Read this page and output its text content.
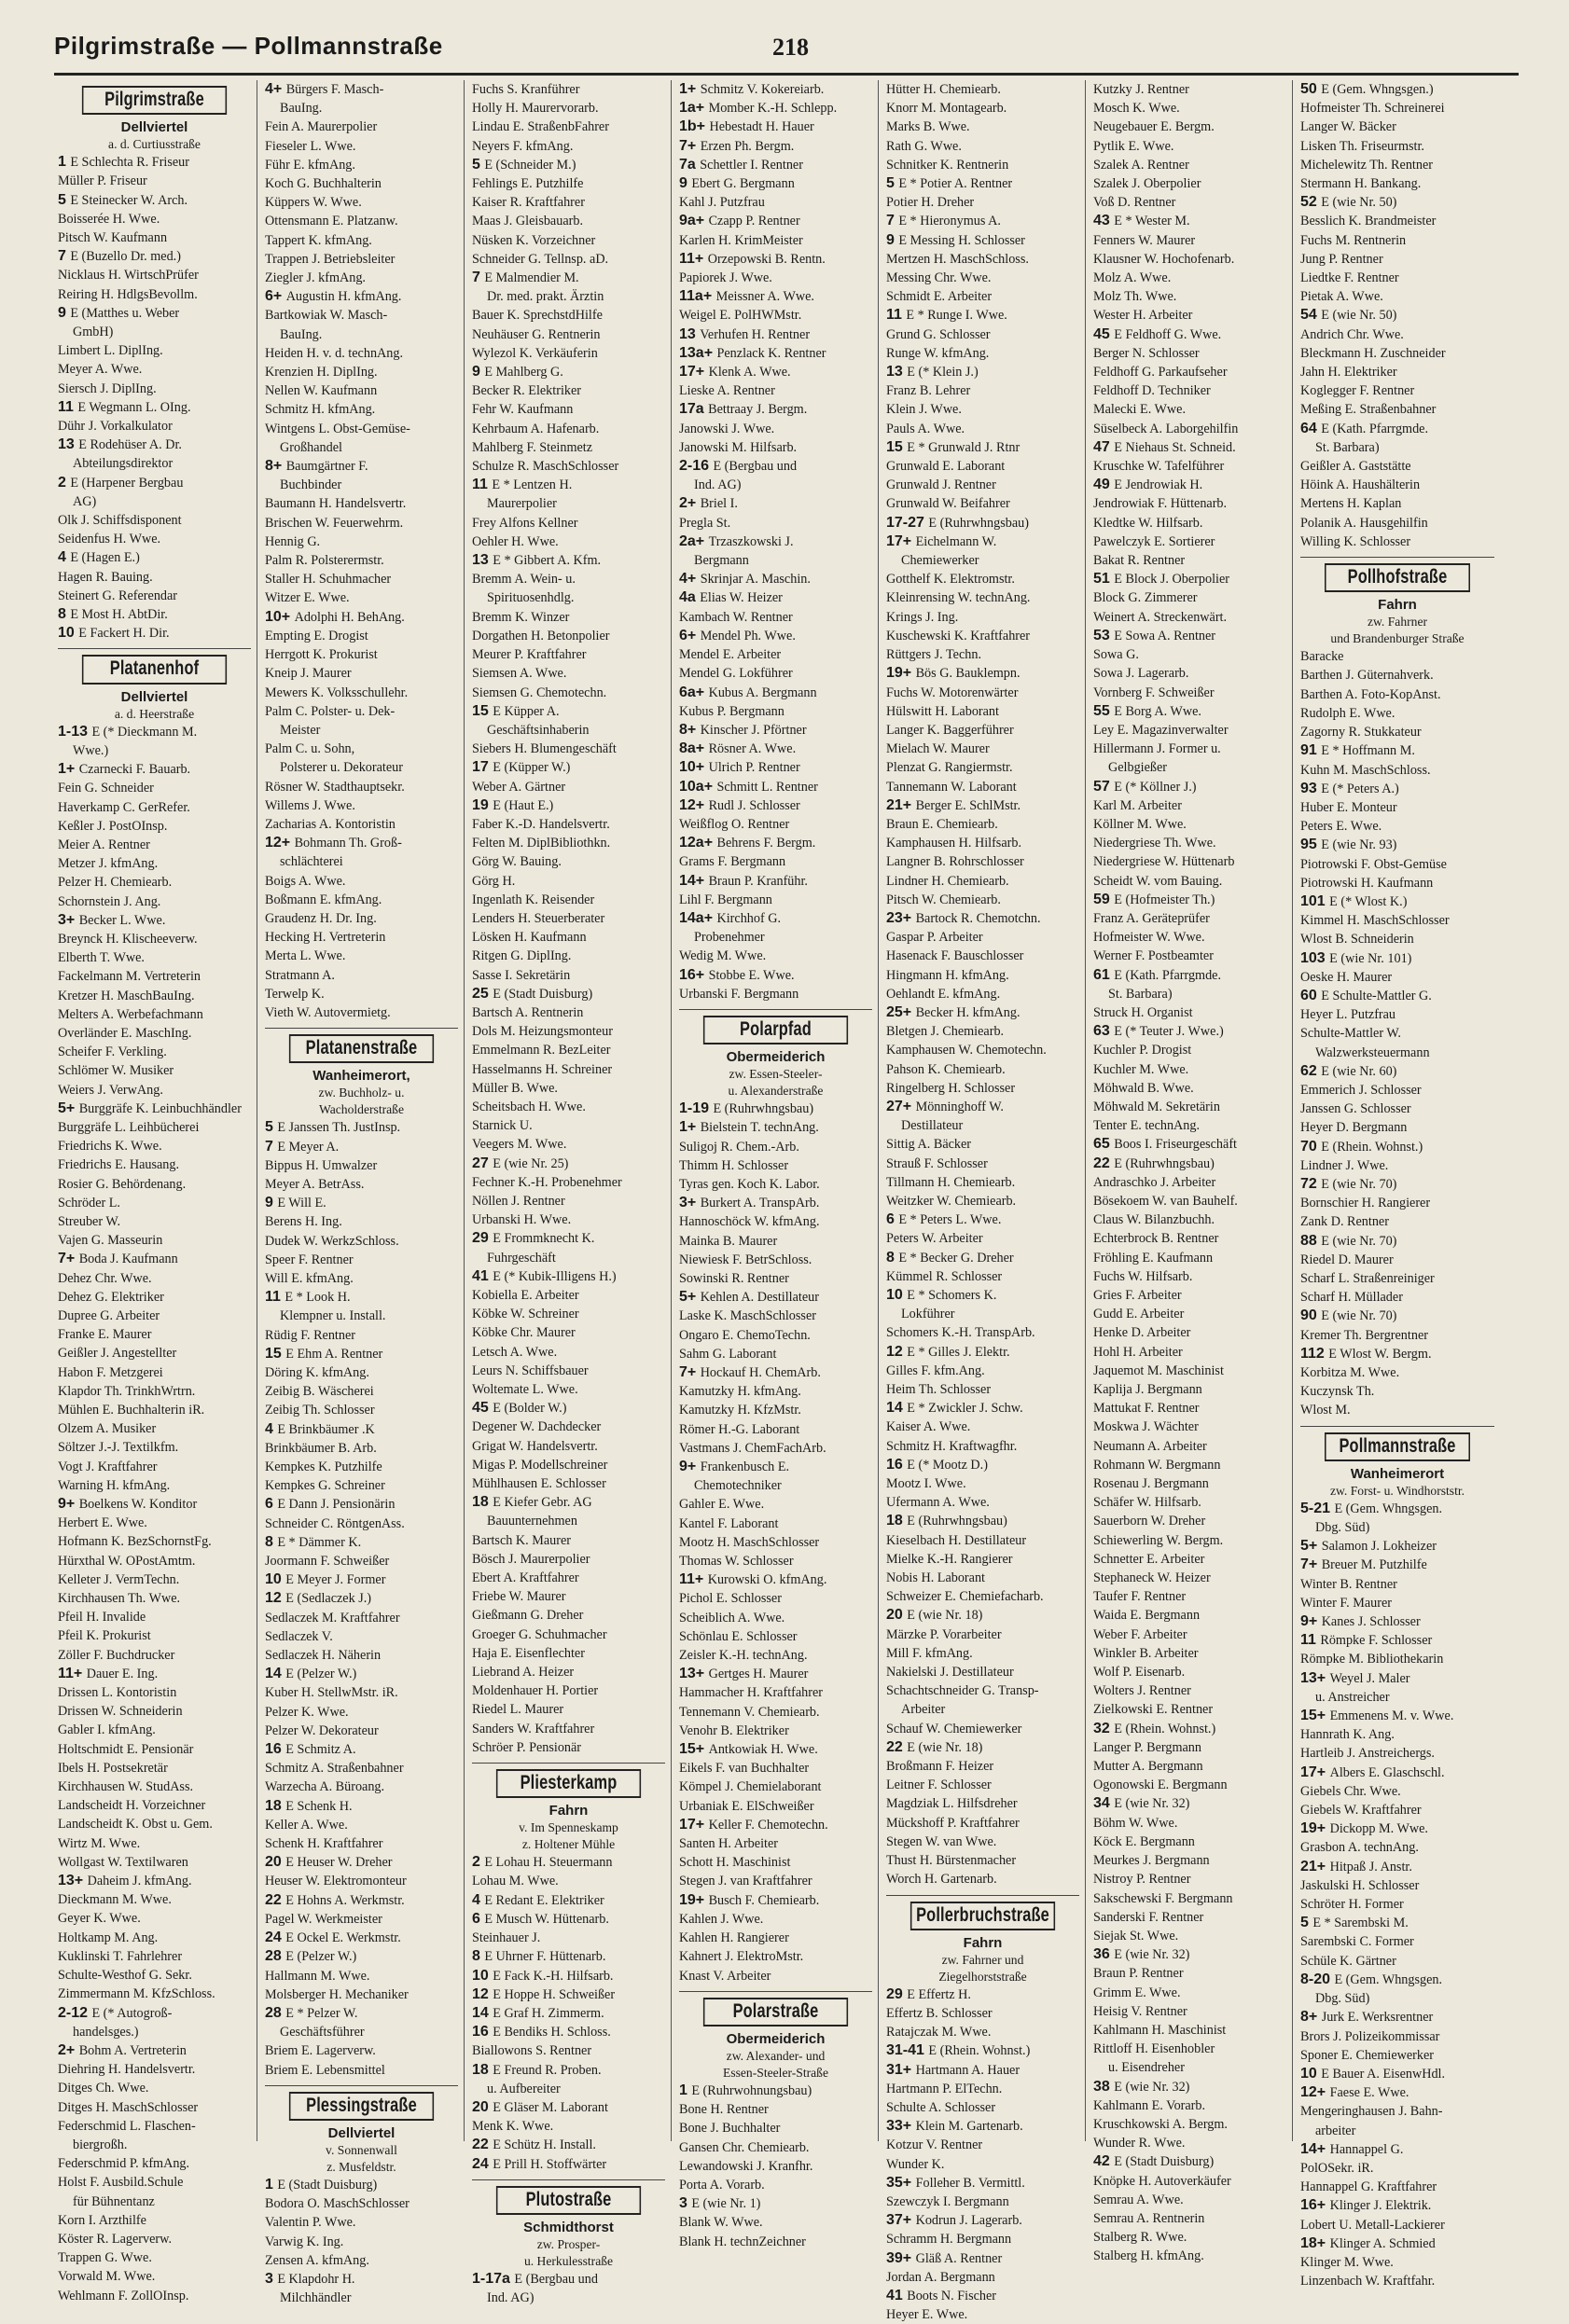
Pilgrimstraße — Pollmannstraße	218
Pilgrimstraße
Dellviertel
a. d. Curtiusstraße
1 E Schlechta R. Friseur
Müller P. Friseur
5 E Steinecker W. Arch.
Boisserée H. Wwe.
Pitsch W. Kaufmann
7 E (Buzello Dr. med.)
Nicklaus H. WirtschPrüfer
Reiring H. HdlgsBevollm.
9 E (Matthes u. Weber
GmbH)
Limbert L. DiplIng.
Meyer A. Wwe.
Siersch J. DiplIng.
11 E Wegmann L. OIng.
Dühr J. Vorkalkulator
13 E Rodehüser A. Dr.
Abteilungsdirektor
2 E (Harpener Bergbau
AG)
Olk J. Schiffsdisponent
Seidenfus H. Wwe.
4 E (Hagen E.)
Hagen R. Bauing.
Steinert G. Referendar
8 E Most H. AbtDir.
10 E Fackert H. Dir.
Platanenhof
Dellviertel
a. d. Heerstraße
1-13 E (* Dieckmann M.
Wwe.)
1+ Czarnecki F. Bauarb.
Fein G. Schneider
Haverkamp C. GerRefer.
Keßler J. PostOInsp.
Meier A. Rentner
Metzer J. kfmAng.
Pelzer H. Chemiearb.
Schornstein J. Ang.
3+ Becker L. Wwe.
Breynck H. Klischeeverw.
Elberth T. Wwe.
Fackelmann M. Vertreterin
Kretzer H. MaschBauIng.
Melters A. Werbefachmann
Overländer E. MaschIng.
Scheifer F. Verkling.
Schlömer W. Musiker
Weiers J. VerwAng.
5+ Burggräfe K. Leinbuchhändler
Burggräfe L. Leihbücherei
Friedrichs K. Wwe.
Friedrichs E. Hausang.
Rosier G. Behördenang.
Schröder L.
Streuber W.
Vajen G. Masseurin
7+ Boda J. Kaufmann
Dehez Chr. Wwe.
Dehez G. Elektriker
Dupree G. Arbeiter
Franke E. Maurer
Geißler J. Angestellter
Habon F. Metzgerei
Klapdor Th. TrinkhWrtrn.
Mühlen E. Buchhalterin iR.
Olzem A. Musiker
Söltzer J.-J. Textilkfm.
Vogt J. Kraftfahrer
Warning H. kfmAng.
9+ Boelkens W. Konditor
Herbert E. Wwe.
Hofmann K. BezSchornstFg.
Hürxthal W. OPostAmtm.
Kelleter J. VermTechn.
Kirchhausen Th. Wwe.
Pfeil H. Invalide
Pfeil K. Prokurist
Zöller F. Buchdrucker
11+ Dauer E. Ing.
Drissen L. Kontoristin
Drissen W. Schneiderin
Gabler I. kfmAng.
Holtschmidt E. Pensionär
Ibels H. Postsekretär
Kirchhausen W. StudAss.
Landscheidt H. Vorzeichner
Landscheidt K. Obst u. Gem.
Wirtz M. Wwe.
Wollgast W. Textilwaren
13+ Daheim J. kfmAng.
Dieckmann M. Wwe.
Geyer K. Wwe.
Holtkamp M. Ang.
Kuklinski T. Fahrlehrer
Schulte-Westhof G. Sekr.
Zimmermann M. KfzSchloss.
2-12 E (* Autogroß-
handelsges.)
2+ Bohm A. Vertreterin
Diehring H. Handelsvertr.
Ditges Ch. Wwe.
Ditges H. MaschSchlosser
Federschmid L. Flaschen-
biergroßh.
Federschmid P. kfmAng.
Holst F. Ausbild.Schule
für Bühnentanz
Korn I. Arzthilfe
Köster R. Lagerverw.
Trappen G. Wwe.
Vorwald M. Wwe.
Wehlmann F. ZollOInsp.
4+ Bürgers F. Masch-
BauIng.
Fein A. Maurerpolier
Fieseler L. Wwe.
Führ E. kfmAng.
Koch G. Buchhalterin
Küppers W. Wwe.
Ottensmann E. Platzanw.
Tappert K. kfmAng.
Trappen J. Betriebsleiter
Ziegler J. kfmAng.
6+ Augustin H. kfmAng.
Bartkowiak W. Masch-
BauIng.
Heiden H. v. d. technAng.
Krenzien H. DiplIng.
Nellen W. Kaufmann
Schmitz H. kfmAng.
Wintgens L. Obst-Gemüse-
Großhandel
8+ Baumgärtner F.
Buchbinder
Baumann H. Handelsvertr.
Brischen W. Feuerwehrm.
Hennig G.
Palm R. Polsterermstr.
Staller H. Schuhmacher
Witzer E. Wwe.
10+ Adolphi H. BehAng.
Empting E. Drogist
Herrgott K. Prokurist
Kneip J. Maurer
Mewers K. Volksschullehr.
Palm C. Polster- u. Dek-
Meister
Palm C. u. Sohn,
Polsterer u. Dekorateur
Rösner W. Stadthauptsekr.
Willems J. Wwe.
Zacharias A. Kontoristin
12+ Bohmann Th. Groß-
schlächterei
Boigs A. Wwe.
Boßmann E. kfmAng.
Graudenz H. Dr. Ing.
Hecking H. Vertreterin
Merta L. Wwe.
Stratmann A.
Terwelp K.
Vieth W. Autovermietg.
Platanenstraße
Wanheimerort,
zw. Buchholz- u.
Wacholderstraße
5 E Janssen Th. JustInsp.
7 E Meyer A.
Bippus H. Umwalzer
Meyer A. BetrAss.
9 E Will E.
Berens H. Ing.
Dudek W. WerkzSchloss.
Speer F. Rentner
Will E. kfmAng.
11 E * Look H.
Klempner u. Install.
Rüdig F. Rentner
15 E Ehm A. Rentner
Döring K. kfmAng.
Zeibig B. Wäscherei
Zeibig Th. Schlosser
4 E Brinkbäumer .K
Brinkbäumer B. Arb.
Kempkes K. Putzhilfe
Kempkes G. Schreiner
6 E Dann J. Pensionärin
Schneider C. RöntgenAss.
8 E * Dämmer K.
Joormann F. Schweißer
10 E Meyer J. Former
12 E (Sedlaczek J.)
Sedlaczek M. Kraftfahrer
Sedlaczek V.
Sedlaczek H. Näherin
14 E (Pelzer W.)
Kuber H. StellwMstr. iR.
Pelzer K. Wwe.
Pelzer W. Dekorateur
16 E Schmitz A.
Schmitz A. Straßenbahner
Warzecha A. Büroang.
18 E Schenk H.
Keller A. Wwe.
Schenk H. Kraftfahrer
20 E Heuser W. Dreher
Heuser W. Elektromonteur
22 E Hohns A. Werkmstr.
Pagel W. Werkmeister
24 E Ockel E. Werkmstr.
28 E (Pelzer W.)
Hallmann M. Wwe.
Molsberger H. Mechaniker
28 E * Pelzer W.
Geschäftsführer
Briem E. Lagerverw.
Briem E. Lebensmittel
Plessingstraße
Dellviertel
v. Sonnenwall
z. Musfeldstr.
1 E (Stadt Duisburg)
Bodora O. MaschSchlosser
Valentin P. Wwe.
Varwig K. Ing.
Zensen A. kfmAng.
3 E Klapdohr H.
Milchhändler
Fuchs S. Kranführer
Holly H. Maurervorarb.
Lindau E. StraßenbFahrer
Neyers F. kfmAng.
5 E (Schneider M.)
Fehlings E. Putzhilfe
Kaiser R. Kraftfahrer
Maas J. Gleisbauarb.
Nüsken K. Vorzeichner
Schneider G. Tellnsp. aD.
7 E Malmendier M.
Dr. med. prakt. Ärztin
Bauer K. SprechstdHilfe
Neuhäuser G. Rentnerin
Wylezol K. Verkäuferin
9 E Mahlberg G.
Becker R. Elektriker
Fehr W. Kaufmann
Kehrbaum A. Hafenarb.
Mahlberg F. Steinmetz
Schulze R. MaschSchlosser
11 E * Lentzen H.
Maurerpolier
Frey Alfons Kellner
Oehler H. Wwe.
13 E * Gibbert A. Kfm.
Bremm A. Wein- u.
Spirituosenhdlg.
Bremm K. Winzer
Dorgathen H. Betonpolier
Meurer P. Kraftfahrer
Siemsen A. Wwe.
Siemsen G. Chemotechn.
15 E Küpper A.
Geschäftsinhaberin
Siebers H. Blumengeschäft
17 E (Küpper W.)
Weber A. Gärtner
19 E (Haut E.)
Faber K.-D. Handelsvertr.
Felten M. DiplBibliothkn.
Görg W. Bauing.
Görg H.
Ingenlath K. Reisender
Lenders H. Steuerberater
Lösken H. Kaufmann
Ritgen G. DiplIng.
Sasse I. Sekretärin
25 E (Stadt Duisburg)
Bartsch A. Rentnerin
Dols M. Heizungsmonteur
Emmelmann R. BezLeiter
Hasselmanns H. Schreiner
Müller B. Wwe.
Scheitsbach H. Wwe.
Starnick U.
Veegers M. Wwe.
27 E (wie Nr. 25)
Fechner K.-H. Probenehmer
Nöllen J. Rentner
Urbanski H. Wwe.
29 E Frommknecht K.
Fuhrgeschäft
41 E (* Kubik-Illigens H.)
Kobiella E. Arbeiter
Köbke W. Schreiner
Köbke Chr. Maurer
Letsch A. Wwe.
Leurs N. Schiffsbauer
Woltemate L. Wwe.
45 E (Bolder W.)
Degener W. Dachdecker
Grigat W. Handelsvertr.
Migas P. Modellschreiner
Mühlhausen E. Schlosser
18 E Kiefer Gebr. AG
Bauunternehmen
Bartsch K. Maurer
Bösch J. Maurerpolier
Ebert A. Kraftfahrer
Friebe W. Maurer
Gießmann G. Dreher
Groeger G. Schuhmacher
Haja E. Eisenflechter
Liebrand A. Heizer
Moldenhauer H. Portier
Riedel L. Maurer
Sanders W. Kraftfahrer
Schröer P. Pensionär
Pliesterkamp
Fahrn
v. Im Spenneskamp
z. Holtener Mühle
2 E Lohau H. Steuermann
Lohau M. Wwe.
4 E Redant E. Elektriker
6 E Musch W. Hüttenarb.
Steinhauer J.
8 E Uhrner F. Hüttenarb.
10 E Fack K.-H. Hilfsarb.
12 E Hoppe H. Schweißer
14 E Graf H. Zimmerm.
16 E Bendiks H. Schloss.
Biallowons S. Rentner
18 E Freund R. Proben.
u. Aufbereiter
20 E Gläser M. Laborant
Menk K. Wwe.
22 E Schütz H. Install.
24 E Prill H. Stoffwärter
Plutostraße
Schmidthorst
zw. Prosper-
u. Herkulesstraße
1-17a E (Bergbau und
Ind. AG)
1+ Schmitz V. Kokereiarb.
1a+ Momber K.-H. Schlepp.
1b+ Hebestadt H. Hauer
7+ Erzen Ph. Bergm.
7a Schettler I. Rentner
9 Ebert G. Bergmann
Kahl J. Putzfrau
9a+ Czapp P. Rentner
Karlen H. KrimMeister
11+ Orzepowski B. Rentn.
Papiorek J. Wwe.
11a+ Meissner A. Wwe.
Weigel E. PolHWMstr.
13 Verhufen H. Rentner
13a+ Penzlack K. Rentner
17+ Klenk A. Wwe.
Lieske A. Rentner
17a Bettraay J. Bergm.
Janowski J. Wwe.
Janowski M. Hilfsarb.
2-16 E (Bergbau und
Ind. AG)
2+ Briel I.
Pregla St.
2a+ Trzaszkowski J.
Bergmann
4+ Skrinjar A. Maschin.
4a Elias W. Heizer
Kambach W. Rentner
6+ Mendel Ph. Wwe.
Mendel E. Arbeiter
Mendel G. Lokführer
6a+ Kubus A. Bergmann
Kubus P. Bergmann
8+ Kinscher J. Pförtner
8a+ Rösner A. Wwe.
10+ Ulrich P. Rentner
10a+ Schmitt L. Rentner
12+ Rudl J. Schlosser
Weißflog O. Rentner
12a+ Behrens F. Bergm.
Grams F. Bergmann
14+ Braun P. Kranführ.
Lihl F. Bergmann
14a+ Kirchhof G.
Probenehmer
Wedig M. Wwe.
16+ Stobbe E. Wwe.
Urbanski F. Bergmann
Polarpfad
Obermeiderich
zw. Essen-Steeler-
u. Alexanderstraße
1-19 E (Ruhrwhngsbau)
1+ Bielstein T. technAng.
Suligoj R. Chem.-Arb.
Thimm H. Schlosser
Tyras gen. Koch K. Labor.
3+ Burkert A. TranspArb.
Hannoschöck W. kfmAng.
Mainka B. Maurer
Niewiesk F. BetrSchloss.
Sowinski R. Rentner
5+ Kehlen A. Destillateur
Laske K. MaschSchlosser
Ongaro E. ChemoTechn.
Sahm G. Laborant
7+ Hockauf H. ChemArb.
Kamutzky H. kfmAng.
Kamutzky H. KfzMstr.
Römer H.-G. Laborant
Vastmans J. ChemFachArb.
9+ Frankenbusch E.
Chemotechniker
Gahler E. Wwe.
Kantel F. Laborant
Mootz H. MaschSchlosser
Thomas W. Schlosser
11+ Kurowski O. kfmAng.
Pichol E. Schlosser
Scheiblich A. Wwe.
Schönlau E. Schlosser
Zeisler K.-H. technAng.
13+ Gertges H. Maurer
Hammacher H. Kraftfahrer
Tennemann V. Chemiearb.
Venohr B. Elektriker
15+ Antkowiak H. Wwe.
Eikels F. van Buchhalter
Kömpel J. Chemielaborant
Urbaniak E. ElSchweißer
17+ Keller F. Chemotechn.
Santen H. Arbeiter
Schott H. Maschinist
Stegen J. van Kraftfahrer
19+ Busch F. Chemiearb.
Kahlen J. Wwe.
Kahlen H. Rangierer
Kahnert J. ElektroMstr.
Knast V. Arbeiter
Polarstraße
Obermeiderich
zw. Alexander- und
Essen-Steeler-Straße
1 E (Ruhrwohnungsbau)
Bone H. Rentner
Bone J. Buchhalter
Gansen Chr. Chemiearb.
Lewandowski J. Kranfhr.
Porta A. Vorarb.
3 E (wie Nr. 1)
Blank W. Wwe.
Blank H. technZeichner
Hütter H. Chemiearb.
Knorr M. Montagearb.
Marks B. Wwe.
Rath G. Wwe.
Schnitker K. Rentnerin
5 E * Potier A. Rentner
Potier H. Dreher
7 E * Hieronymus A.
9 E Messing H. Schlosser
Mertzen H. MaschSchloss.
Messing Chr. Wwe.
Schmidt E. Arbeiter
11 E * Runge I. Wwe.
Grund G. Schlosser
Runge W. kfmAng.
13 E (* Klein J.)
Franz B. Lehrer
Klein J. Wwe.
Pauls A. Wwe.
15 E * Grunwald J. Rtnr
Grunwald E. Laborant
Grunwald J. Rentner
Grunwald W. Beifahrer
17-27 E (Ruhrwhngsbau)
17+ Eichelmann W.
Chemiewerker
Gotthelf K. Elektromstr.
Kleinrensing W. technAng.
Krings J. Ing.
Kuschewski K. Kraftfahrer
Rüttgers J. Techn.
19+ Bös G. Bauklempn.
Fuchs W. Motorenwärter
Hülswitt H. Laborant
Langer K. Baggerführer
Mielach W. Maurer
Plenzat G. Rangiermstr.
Tannemann W. Laborant
21+ Berger E. SchlMstr.
Braun E. Chemiearb.
Kamphausen H. Hilfsarb.
Langner B. Rohrschlosser
Lindner H. Chemiearb.
Pitsch W. Chemiearb.
23+ Bartock R. Chemotchn.
Gaspar P. Arbeiter
Hasenack F. Bauschlosser
Hingmann H. kfmAng.
Oehlandt E. kfmAng.
25+ Becker H. kfmAng.
Bletgen J. Chemiearb.
Kamphausen W. Chemotechn.
Pahson K. Chemiearb.
Ringelberg H. Schlosser
27+ Mönninghoff W.
Destillateur
Sittig A. Bäcker
Strauß F. Schlosser
Tillmann H. Chemiearb.
Weitzker W. Chemiearb.
6 E * Peters L. Wwe.
Peters W. Arbeiter
8 E * Becker G. Dreher
Kümmel R. Schlosser
10 E * Schomers K.
Lokführer
Schomers K.-H. TranspArb.
12 E * Gilles J. Elektr.
Gilles F. kfm.Ang.
Heim Th. Schlosser
14 E * Zwickler J. Schw.
Kaiser A. Wwe.
Schmitz H. Kraftwagfhr.
16 E (* Mootz D.)
Mootz I. Wwe.
Ufermann A. Wwe.
18 E (Ruhrwhngsbau)
Kieselbach H. Destillateur
Mielke K.-H. Rangierer
Nobis H. Laborant
Schweizer E. Chemiefacharb.
20 E (wie Nr. 18)
Märzke P. Vorarbeiter
Mill F. kfmAng.
Nakielski J. Destillateur
Schachtschneider G. Transp-
Arbeiter
Schauf W. Chemiewerker
22 E (wie Nr. 18)
Broßmann F. Heizer
Leitner F. Schlosser
Magdziak L. Hilfsdreher
Mückshoff P. Kraftfahrer
Stegen W. van Wwe.
Thust H. Bürstenmacher
Worch H. Gartenarb.
Pollerbruchstraße
Fahrn
zw. Fahrner und
Ziegelhorststraße
29 E Effertz H.
Effertz B. Schlosser
Ratajczak M. Wwe.
31-41 E (Rhein. Wohnst.)
31+ Hartmann A. Hauer
Hartmann P. ElTechn.
Schulte A. Schlosser
33+ Klein M. Gartenarb.
Kotzur V. Rentner
Wunder K.
35+ Folleher B. Vermittl.
Szewczyk I. Bergmann
37+ Kodrun J. Lagerarb.
Schramm H. Bergmann
39+ Gläß A. Rentner
Jordan A. Bergmann
41 Boots N. Fischer
Heyer E. Wwe.
Kutzky J. Rentner
Mosch K. Wwe.
Neugebauer E. Bergm.
Pytlik E. Wwe.
Szalek A. Rentner
Szalek J. Oberpolier
Voß D. Rentner
43 E * Wester M.
Fenners W. Maurer
Klausner W. Hochofenarb.
Molz A. Wwe.
Molz Th. Wwe.
Wester H. Arbeiter
45 E Feldhoff G. Wwe.
Berger N. Schlosser
Feldhoff G. Parkaufseher
Feldhoff D. Techniker
Malecki E. Wwe.
Süselbeck A. Laborgehilfin
47 E Niehaus St. Schneid.
Kruschke W. Tafelführer
49 E Jendrowiak H.
Jendrowiak F. Hüttenarb.
Kledtke W. Hilfsarb.
Pawelczyk E. Sortierer
Bakat R. Rentner
51 E Block J. Oberpolier
Block G. Zimmerer
Weinert A. Streckenwärt.
53 E Sowa A. Rentner
Sowa G.
Sowa J. Lagerarb.
Vornberg F. Schweißer
55 E Borg A. Wwe.
Ley E. Magazinverwalter
Hillermann J. Former u.
Gelbgießer
57 E (* Köllner J.)
Karl M. Arbeiter
Köllner M. Wwe.
Niedergriese Th. Wwe.
Niedergriese W. Hüttenarb
Scheidt W. vom Bauing.
59 E (Hofmeister Th.)
Franz A. Geräteprüfer
Hofmeister W. Wwe.
Werner F. Postbeamter
61 E (Kath. Pfarrgmde.
St. Barbara)
Struck H. Organist
63 E (* Teuter J. Wwe.)
Kuchler P. Drogist
Kuchler M. Wwe.
Möhwald B. Wwe.
Möhwald M. Sekretärin
Tenter E. technAng.
65 Boos I. Friseurgeschäft
22 E (Ruhrwhngsbau)
Andraschko J. Arbeiter
Bösekoem W. van Bauhelf.
Claus W. Bilanzbuchh.
Echterbrock B. Rentner
Fröhling E. Kaufmann
Fuchs W. Hilfsarb.
Gries F. Arbeiter
Gudd E. Arbeiter
Henke D. Arbeiter
Hohl H. Arbeiter
Jaquemot M. Maschinist
Kaplija J. Bergmann
Mattukat F. Rentner
Moskwa J. Wächter
Neumann A. Arbeiter
Rohmann W. Bergmann
Rosenau J. Bergmann
Schäfer W. Hilfsarb.
Sauerborn W. Dreher
Schiewerling W. Bergm.
Schnetter E. Arbeiter
Stephaneck W. Heizer
Taufer F. Rentner
Waida E. Bergmann
Weber F. Arbeiter
Winkler B. Arbeiter
Wolf P. Eisenarb.
Wolters J. Rentner
Zielkowski E. Rentner
32 E (Rhein. Wohnst.)
Langer P. Bergmann
Mutter A. Bergmann
Ogonowski E. Bergmann
34 E (wie Nr. 32)
Böhm W. Wwe.
Köck E. Bergmann
Meurkes J. Bergmann
Nistroy P. Rentner
Sakschewski F. Bergmann
Sanderski F. Rentner
Siejak St. Wwe.
36 E (wie Nr. 32)
Braun P. Rentner
Grimm E. Wwe.
Heisig V. Rentner
Kahlmann H. Maschinist
Rittloff H. Eisenhobler
u. Eisendreher
38 E (wie Nr. 32)
Kahlmann E. Vorarb.
Kruschkowski A. Bergm.
Wunder R. Wwe.
42 E (Stadt Duisburg)
Knöpke H. Autoverkäufer
Semrau A. Wwe.
Semrau A. Rentnerin
Stalberg R. Wwe.
Stalberg H. kfmAng.
50 E (Gem. Whngsgen.)
Hofmeister Th. Schreinerei
Langer W. Bäcker
Lisken Th. Friseurmstr.
Michelewitz Th. Rentner
Stermann H. Bankang.
52 E (wie Nr. 50)
Besslich K. Brandmeister
Fuchs M. Rentnerin
Jung P. Rentner
Liedtke F. Rentner
Pietak A. Wwe.
54 E (wie Nr. 50)
Andrich Chr. Wwe.
Bleckmann H. Zuschneider
Jahn H. Elektriker
Koglegger F. Rentner
Meßing E. Straßenbahner
64 E (Kath. Pfarrgmde.
St. Barbara)
Geißler A. Gaststätte
Höink A. Haushälterin
Mertens H. Kaplan
Polanik A. Hausgehilfin
Willing K. Schlosser
Pollhofstraße
Fahrn
zw. Fahrner
und Brandenburger Straße
Baracke
Barthen J. Güternahverk.
Barthen A. Foto-KopAnst.
Rudolph E. Wwe.
Zagorny R. Stukkateur
91 E * Hoffmann M.
Kuhn M. MaschSchloss.
93 E (* Peters A.)
Huber E. Monteur
Peters E. Wwe.
95 E (wie Nr. 93)
Piotrowski F. Obst-Gemüse
Piotrowski H. Kaufmann
101 E (* Wlost K.)
Kimmel H. MaschSchlosser
Wlost B. Schneiderin
103 E (wie Nr. 101)
Oeske H. Maurer
60 E Schulte-Mattler G.
Heyer L. Putzfrau
Schulte-Mattler W.
Walzwerksteuermann
62 E (wie Nr. 60)
Emmerich J. Schlosser
Janssen G. Schlosser
Heyer D. Bergmann
70 E (Rhein. Wohnst.)
Lindner J. Wwe.
72 E (wie Nr. 70)
Bornschier H. Rangierer
Zank D. Rentner
88 E (wie Nr. 70)
Riedel D. Maurer
Scharf L. Straßenreiniger
Scharf H. Müllader
90 E (wie Nr. 70)
Kremer Th. Bergrentner
112 E Wlost W. Bergm.
Korbitza M. Wwe.
Kuczynsk Th.
Wlost M.
Pollmannstraße
Wanheimerort
zw. Forst- u. Windhorststr.
5-21 E (Gem. Whngsgen.
Dbg. Süd)
5+ Salamon J. Lokheizer
7+ Breuer M. Putzhilfe
Winter B. Rentner
Winter F. Maurer
9+ Kanes J. Schlosser
11 Römpke F. Schlosser
Römpke M. Bibliothekarin
13+ Weyel J. Maler
u. Anstreicher
15+ Emmenens M. v. Wwe.
Hannrath K. Ang.
Hartleib J. Anstreichergs.
17+ Albers E. Glaschschl.
Giebels Chr. Wwe.
Giebels W. Kraftfahrer
19+ Dickopp M. Wwe.
Grasbon A. technAng.
21+ Hitpaß J. Anstr.
Jaskulski H. Schlosser
Schröter H. Former
5 E * Sarembski M.
Sarembski C. Former
Schüle K. Gärtner
8-20 E (Gem. Whngsgen.
Dbg. Süd)
8+ Jurk E. Werksrentner
Brors J. Polizeikommissar
Sponer E. Chemiewerker
10 E Bauer A. EisenwHdl.
12+ Faese E. Wwe.
Mengeringhausen J. Bahn-
arbeiter
14+ Hannappel G.
PolOSekr. iR.
Hannappel G. Kraftfahrer
16+ Klinger J. Elektrik.
Lobert U. Metall-Lackierer
18+ Klinger A. Schmied
Klinger M. Wwe.
Linzenbach W. Kraftfahr.
